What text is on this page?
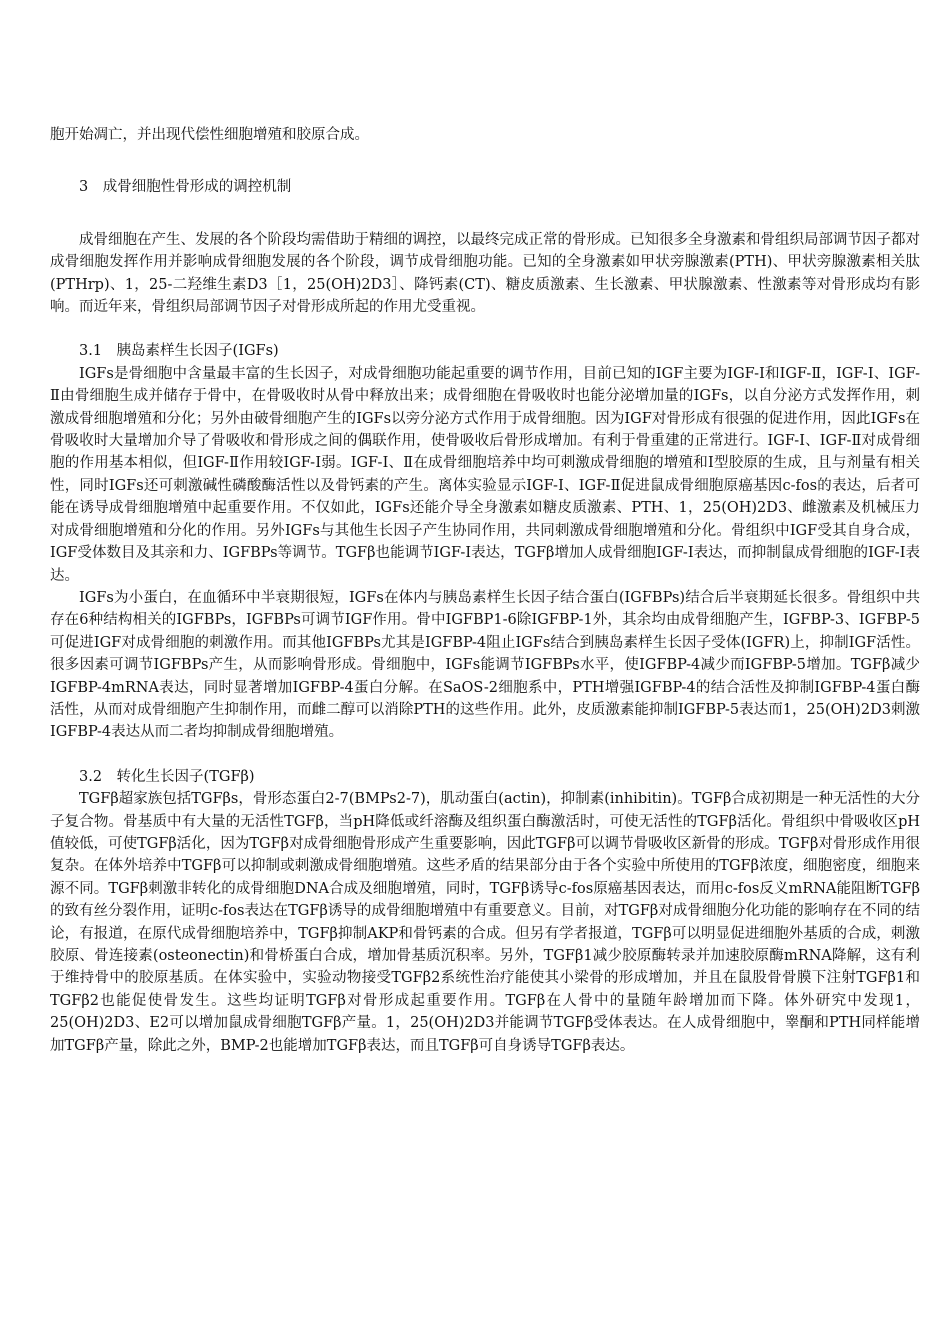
胞开始凋亡，并出现代偿性细胞增殖和胶原合成。

3　成骨细胞性骨形成的调控机制

成骨细胞在产生、发展的各个阶段均需借助于精细的调控，以最终完成正常的骨形成。已知很多全身激素和骨组织局部调节因子都对成骨细胞发挥作用并影响成骨细胞发展的各个阶段，调节成骨细胞功能。已知的全身激素如甲状旁腺激素(PTH)、甲状旁腺激素相关肽(PTHrp)、1，25-二羟维生素D3［1，25(OH)2D3］、降钙素(CT)、糖皮质激素、生长激素、甲状腺激素、性激素等对骨形成均有影响。而近年来，骨组织局部调节因子对骨形成所起的作用尤受重视。

3.1　胰岛素样生长因子(IGFs)

IGFs是骨细胞中含量最丰富的生长因子，对成骨细胞功能起重要的调节作用，目前已知的IGF主要为IGF-Ⅰ和IGF-Ⅱ，IGF-Ⅰ、IGF-Ⅱ由骨细胞生成并储存于骨中，在骨吸收时从骨中释放出来；成骨细胞在骨吸收时也能分泌增加量的IGFs，以自分泌方式发挥作用，刺激成骨细胞增殖和分化；另外由破骨细胞产生的IGFs以旁分泌方式作用于成骨细胞。因为IGF对骨形成有很强的促进作用，因此IGFs在骨吸收时大量增加介导了骨吸收和骨形成之间的偶联作用，使骨吸收后骨形成增加。有利于骨重建的正常进行。IGF-Ⅰ、IGF-Ⅱ对成骨细胞的作用基本相似，但IGF-Ⅱ作用较IGF-Ⅰ弱。IGF-Ⅰ、Ⅱ在成骨细胞培养中均可刺激成骨细胞的增殖和Ⅰ型胶原的生成，且与剂量有相关性，同时IGFs还可刺激碱性磷酸酶活性以及骨钙素的产生。离体实验显示IGF-Ⅰ、IGF-Ⅱ促进鼠成骨细胞原癌基因c-fos的表达，后者可能在诱导成骨细胞增殖中起重要作用。不仅如此，IGFs还能介导全身激素如糖皮质激素、PTH、1，25(OH)2D3、雌激素及机械压力对成骨细胞增殖和分化的作用。另外IGFs与其他生长因子产生协同作用，共同刺激成骨细胞增殖和分化。骨组织中IGF受其自身合成，IGF受体数目及其亲和力、IGFBPs等调节。TGFβ也能调节IGF-Ⅰ表达，TGFβ增加人成骨细胞IGF-Ⅰ表达，而抑制鼠成骨细胞的IGF-Ⅰ表达。

IGFs为小蛋白，在血循环中半衰期很短，IGFs在体内与胰岛素样生长因子结合蛋白(IGFBPs)结合后半衰期延长很多。骨组织中共存在6种结构相关的IGFBPs，IGFBPs可调节IGF作用。骨中IGFBP1-6除IGFBP-1外，其余均由成骨细胞产生，IGFBP-3、IGFBP-5可促进IGF对成骨细胞的刺激作用。而其他IGFBPs尤其是IGFBP-4阻止IGFs结合到胰岛素样生长因子受体(IGFR)上，抑制IGF活性。很多因素可调节IGFBPs产生，从而影响骨形成。骨细胞中，IGFs能调节IGFBPs水平，使IGFBP-4减少而IGFBP-5增加。TGFβ减少IGFBP-4mRNA表达，同时显著增加IGFBP-4蛋白分解。在SaOS-2细胞系中，PTH增强IGFBP-4的结合活性及抑制IGFBP-4蛋白酶活性，从而对成骨细胞产生抑制作用，而雌二醇可以消除PTH的这些作用。此外，皮质激素能抑制IGFBP-5表达而1，25(OH)2D3刺激IGFBP-4表达从而二者均抑制成骨细胞增殖。

3.2　转化生长因子(TGFβ)

TGFβ超家族包括TGFβs，骨形态蛋白2-7(BMPs2-7)，肌动蛋白(actin)，抑制素(inhibitin)。TGFβ合成初期是一种无活性的大分子复合物。骨基质中有大量的无活性TGFβ，当pH降低或纤溶酶及组织蛋白酶激活时，可使无活性的TGFβ活化。骨组织中骨吸收区pH值较低，可使TGFβ活化，因为TGFβ对成骨细胞骨形成产生重要影响，因此TGFβ可以调节骨吸收区新骨的形成。TGFβ对骨形成作用很复杂。在体外培养中TGFβ可以抑制或刺激成骨细胞增殖。这些矛盾的结果部分由于各个实验中所使用的TGFβ浓度，细胞密度，细胞来源不同。TGFβ刺激非转化的成骨细胞DNA合成及细胞增殖，同时，TGFβ诱导c-fos原癌基因表达，而用c-fos反义mRNA能阻断TGFβ的致有丝分裂作用，证明c-fos表达在TGFβ诱导的成骨细胞增殖中有重要意义。目前，对TGFβ对成骨细胞分化功能的影响存在不同的结论，有报道，在原代成骨细胞培养中，TGFβ抑制AKP和骨钙素的合成。但另有学者报道，TGFβ可以明显促进细胞外基质的合成，刺激胶原、骨连接素(osteonectin)和骨桥蛋白合成，增加骨基质沉积率。另外，TGFβ1减少胶原酶转录并加速胶原酶mRNA降解，这有利于维持骨中的胶原基质。在体实验中，实验动物接受TGFβ2系统性治疗能使其小梁骨的形成增加，并且在鼠股骨骨膜下注射TGFβ1和TGFβ2也能促使骨发生。这些均证明TGFβ对骨形成起重要作用。TGFβ在人骨中的量随年龄增加而下降。体外研究中发现1，25(OH)2D3、E2可以增加鼠成骨细胞TGFβ产量。1，25(OH)2D3并能调节TGFβ受体表达。在人成骨细胞中，睾酮和PTH同样能增加TGFβ产量，除此之外，BMP-2也能增加TGFβ表达，而且TGFβ可自身诱导TGFβ表达。
